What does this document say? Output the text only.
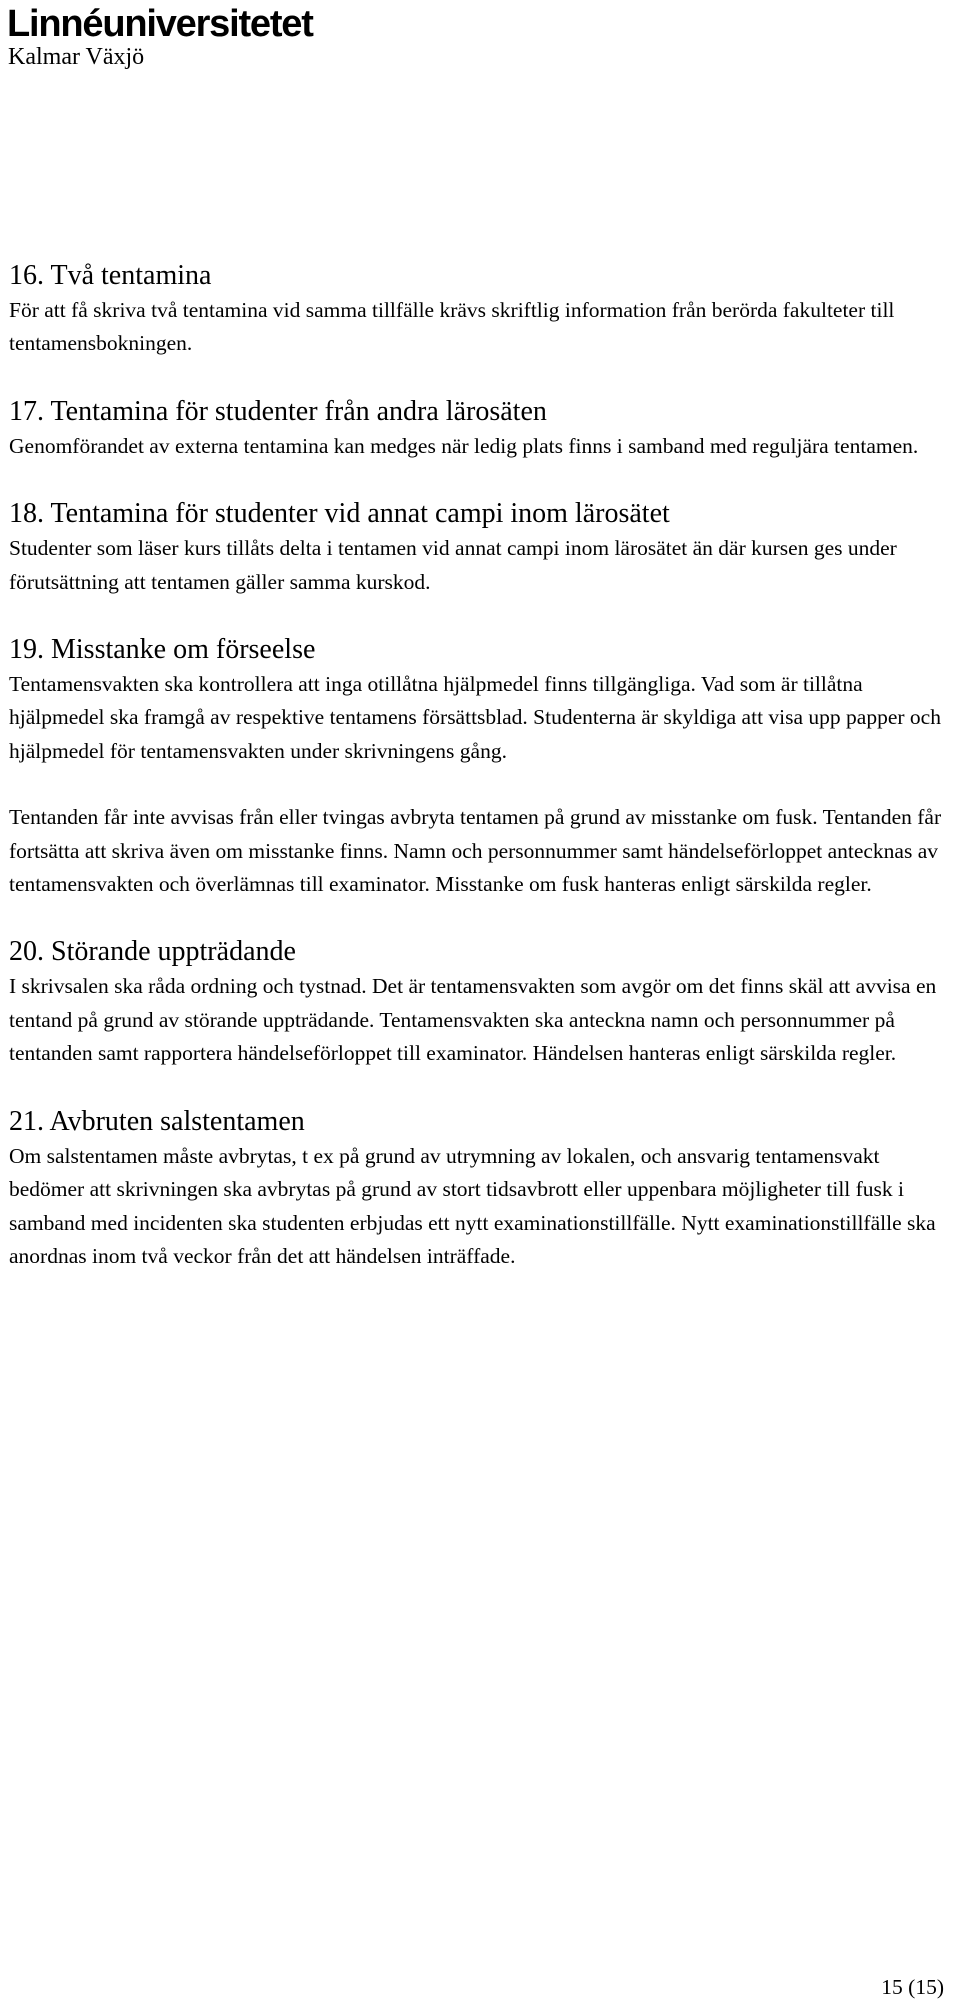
Linnéuniversitetet
Kalmar Växjö
16. Två tentamina

För att få skriva två tentamina vid samma tillfälle krävs skriftlig information från berörda fakulteter till tentamensbokningen.

17. Tentamina för studenter från andra lärosäten

Genomförandet av externa tentamina kan medges när ledig plats finns i samband med reguljära tentamen.

18. Tentamina för studenter vid annat campi inom lärosätet

Studenter som läser kurs tillåts delta i tentamen vid annat campi inom lärosätet än där kursen ges under förutsättning att tentamen gäller samma kurskod.

19. Misstanke om förseelse

Tentamensvakten ska kontrollera att inga otillåtna hjälpmedel finns tillgängliga. Vad som är tillåtna hjälpmedel ska framgå av respektive tentamens försättsblad. Studenterna är skyldiga att visa upp papper och hjälpmedel för tentamensvakten under skrivningens gång.

Tentanden får inte avvisas från eller tvingas avbryta tentamen på grund av misstanke om fusk. Tentanden får fortsätta att skriva även om misstanke finns. Namn och personnummer samt händelseförloppet antecknas av tentamensvakten och överlämnas till examinator. Misstanke om fusk hanteras enligt särskilda regler.

20. Störande uppträdande

I skrivsalen ska råda ordning och tystnad. Det är tentamensvakten som avgör om det finns skäl att avvisa en tentand på grund av störande uppträdande. Tentamensvakten ska anteckna namn och personnummer på tentanden samt rapportera händelseförloppet till examinator. Händelsen hanteras enligt särskilda regler.

21. Avbruten salstentamen

Om salstentamen måste avbrytas, t ex på grund av utrymning av lokalen, och ansvarig tentamensvakt bedömer att skrivningen ska avbrytas på grund av stort tidsavbrott eller uppenbara möjligheter till fusk i samband med incidenten ska studenten erbjudas ett nytt examinationstillfälle. Nytt examinationstillfälle ska anordnas inom två veckor från det att händelsen inträffade.

15 (15)
